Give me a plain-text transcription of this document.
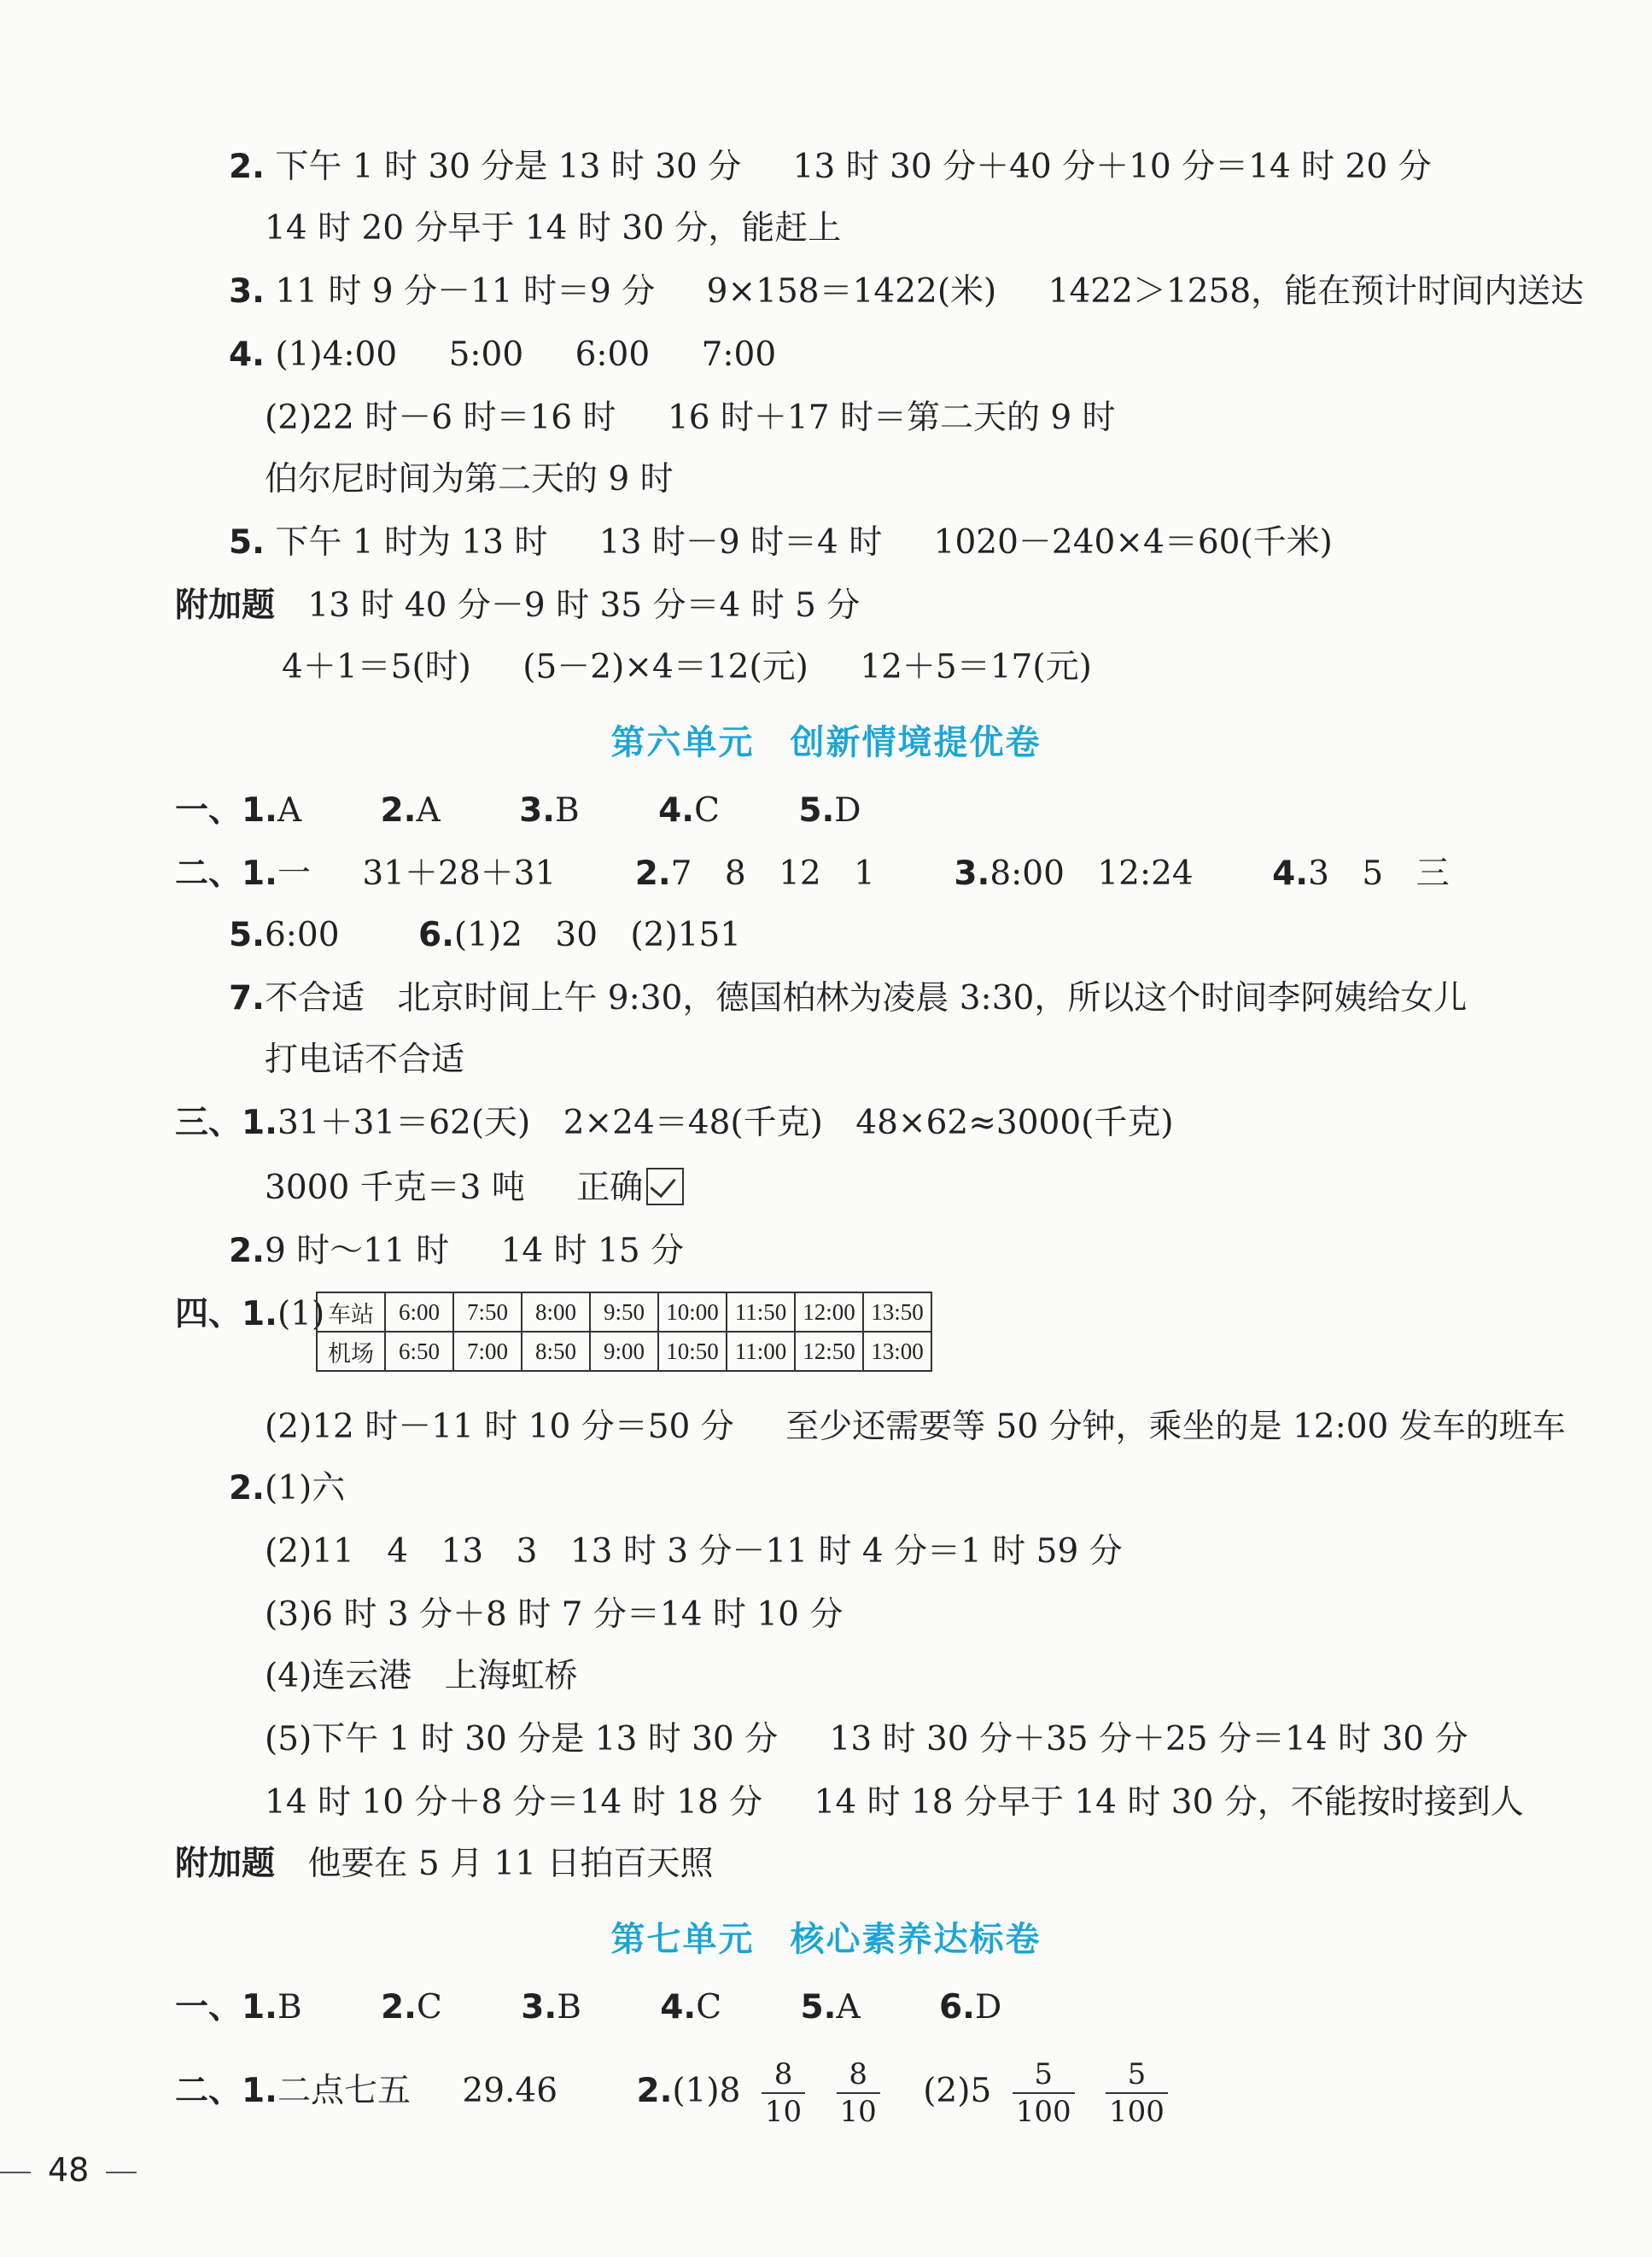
2. 下午 1 时 30 分是 13 时 30 分 13 时 30 分＋40 分＋10 分＝14 时 20 分
14 时 20 分早于 14 时 30 分，能赶上
3. 11 时 9 分－11 时＝9 分 9×158＝1422(米) 1422＞1258，能在预计时间内送达
4. (1)4:00 5:00 6:00 7:00
(2)22 时－6 时＝16 时 16 时＋17 时＝第二天的 9 时
伯尔尼时间为第二天的 9 时
5. 下午 1 时为 13 时 13 时－9 时＝4 时 1020－240×4＝60(千米)
附加题 13 时 40 分－9 时 35 分＝4 时 5 分
4＋1＝5(时) (5－2)×4＝12(元) 12＋5＝17(元)
第六单元　创新情境提优卷
一、1.A 2.A 3.B 4.C 5.D
二、1.一 31＋28＋31 2.7 8 12 1 3.8:00 12:24 4.3 5 三
5.6:00 6.(1)2 30 (2)151
7.不合适 北京时间上午 9:30，德国柏林为凌晨 3:30，所以这个时间李阿姨给女儿
打电话不合适
三、1.31＋31＝62(天) 2×24＝48(千克) 48×62≈3000(千克)
3000 千克＝3 吨 正确
2.9 时～11 时 14 时 15 分
四、1.(1) 车站	6:00	7:50	8:00	9:50	10:00	11:50	12:00	13:50
机场	6:50	7:00	8:50	9:00	10:50	11:00	12:50	13:00
(2)12 时－11 时 10 分＝50 分 至少还需要等 50 分钟，乘坐的是 12:00 发车的班车
2.(1)六
(2)11 4 13 3 13 时 3 分－11 时 4 分＝1 时 59 分
(3)6 时 3 分＋8 时 7 分＝14 时 10 分
(4)连云港 上海虹桥
(5)下午 1 时 30 分是 13 时 30 分 13 时 30 分＋35 分＋25 分＝14 时 30 分
14 时 10 分＋8 分＝14 时 18 分 14 时 18 分早于 14 时 30 分，不能按时接到人
附加题 他要在 5 月 11 日拍百天照
第七单元　核心素养达标卷
一、1.B 2.C 3.B 4.C 5.A 6.D
二、1.二点七五 29.46 $2.(1)8 \frac{8}{10}$
$\frac{8}{10} (2)5 \frac{5}{100}$
$\frac{5}{100}$
48
